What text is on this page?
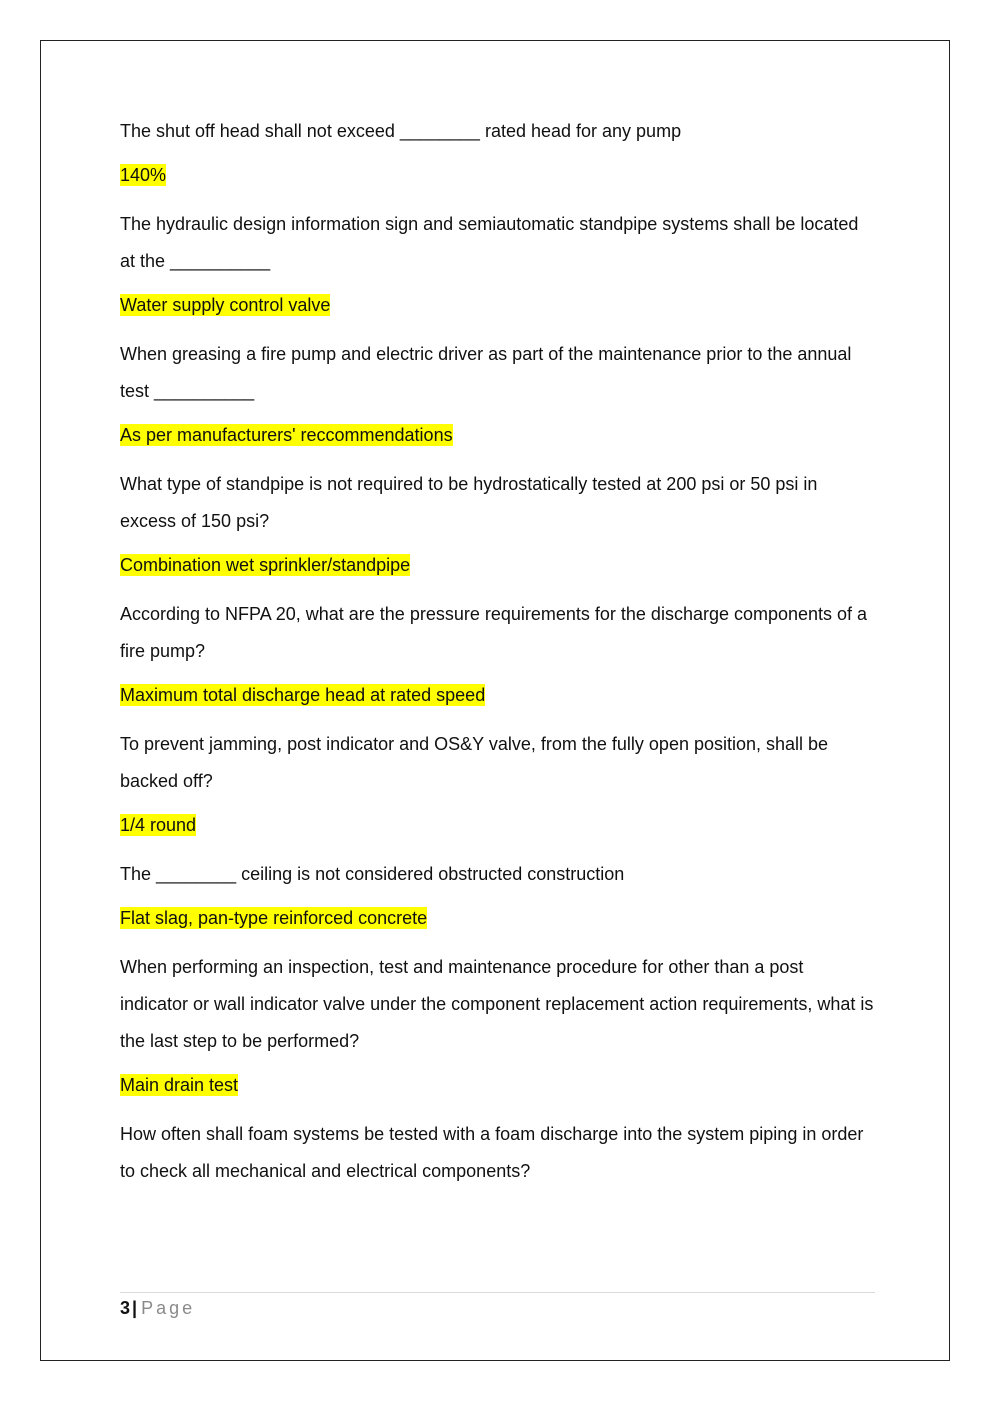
The shut off head shall not exceed ________ rated head for any pump

140%

The hydraulic design information sign and semiautomatic standpipe systems shall be located at the __________

Water supply control valve

When greasing a fire pump and electric driver as part of the maintenance prior to the annual test __________

As per manufacturers' reccommendations

What type of standpipe is not required to be hydrostatically tested at 200 psi or 50 psi in excess of 150 psi?

Combination wet sprinkler/standpipe

According to NFPA 20, what are the pressure requirements for the discharge components of a fire pump?

Maximum total discharge head at rated speed

To prevent jamming, post indicator and OS&Y valve, from the fully open position, shall be backed off?

1/4 round

The ________ ceiling is not considered obstructed construction

Flat slag, pan-type reinforced concrete

When performing an inspection, test and maintenance procedure for other than a post indicator or wall indicator valve under the component replacement action requirements, what is the last step to be performed?

Main drain test

How often shall foam systems be tested with a foam discharge into the system piping in order to check all mechanical and electrical components?

3 | Page
